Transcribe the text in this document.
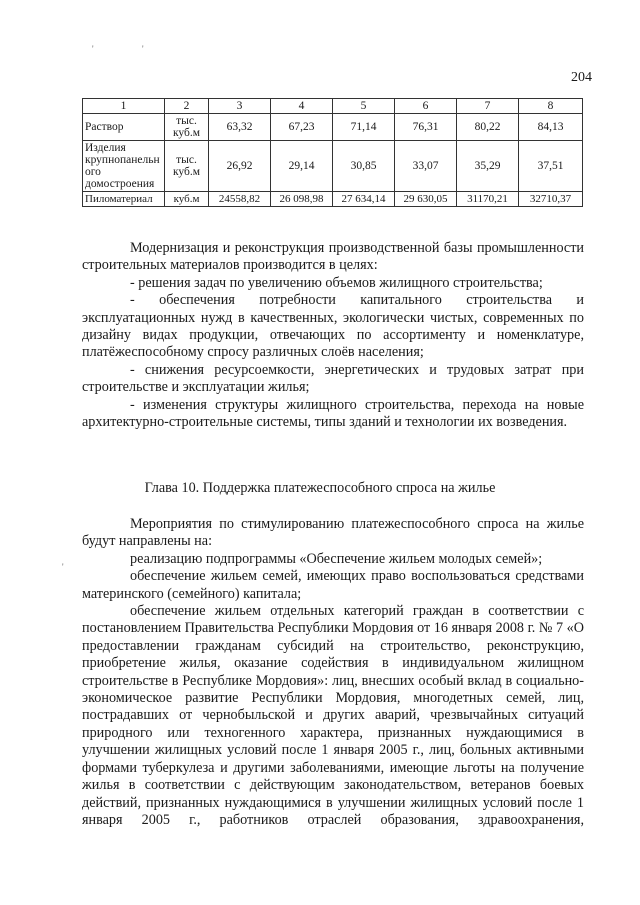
'	'
'
204
1	2	3	4	5	6	7	8
Раствор	тыс. куб.м	63,32	67,23	71,14	76,31	80,22	84,13
Изделия крупнопанельн ого домостроения	тыс. куб.м	26,92	29,14	30,85	33,07	35,29	37,51
Пиломатериал	куб.м	24558,82	26 098,98	27 634,14	29 630,05	31170,21	32710,37

Модернизация и реконструкция производственной базы промышленности строительных материалов производится в целях:

- решения задач по увеличению объемов жилищного строительства;

- обеспечения потребности капитального строительства и эксплуатационных нужд в качественных, экологически чистых, современных по дизайну видах продукции, отвечающих по ассортименту и номенклатуре, платёжеспособному спросу различных слоёв населения;

- снижения ресурсоемкости, энергетических и трудовых затрат при строительстве и эксплуатации жилья;

- изменения структуры жилищного строительства, перехода на новые архитектурно-строительные системы, типы зданий и технологии их возведения.

Глава 10. Поддержка платежеспособного спроса на жилье

Мероприятия по стимулированию платежеспособного спроса на жилье будут направлены на:

реализацию подпрограммы «Обеспечение жильем молодых семей»;

обеспечение жильем семей, имеющих право воспользоваться средствами материнского (семейного) капитала;

обеспечение жильем отдельных категорий граждан в соответствии с постановлением Правительства Республики Мордовия от 16 января 2008 г. № 7 «О предоставлении гражданам субсидий на строительство, реконструкцию, приобретение жилья, оказание содействия в индивидуальном жилищном строительстве в Республике Мордовия»: лиц, внесших особый вклад в социально-экономическое развитие Республики Мордовия, многодетных семей, лиц, пострадавших от чернобыльской и других аварий, чрезвычайных ситуаций природного или техногенного характера, признанных нуждающимися в улучшении жилищных условий после 1 января 2005 г., лиц, больных активными формами туберкулеза и другими заболеваниями, имеющие льготы на получение жилья в соответствии с действующим законодательством, ветеранов боевых действий, признанных нуждающимися в улучшении жилищных условий после 1 января 2005 г., работников отраслей образования, здравоохранения,
